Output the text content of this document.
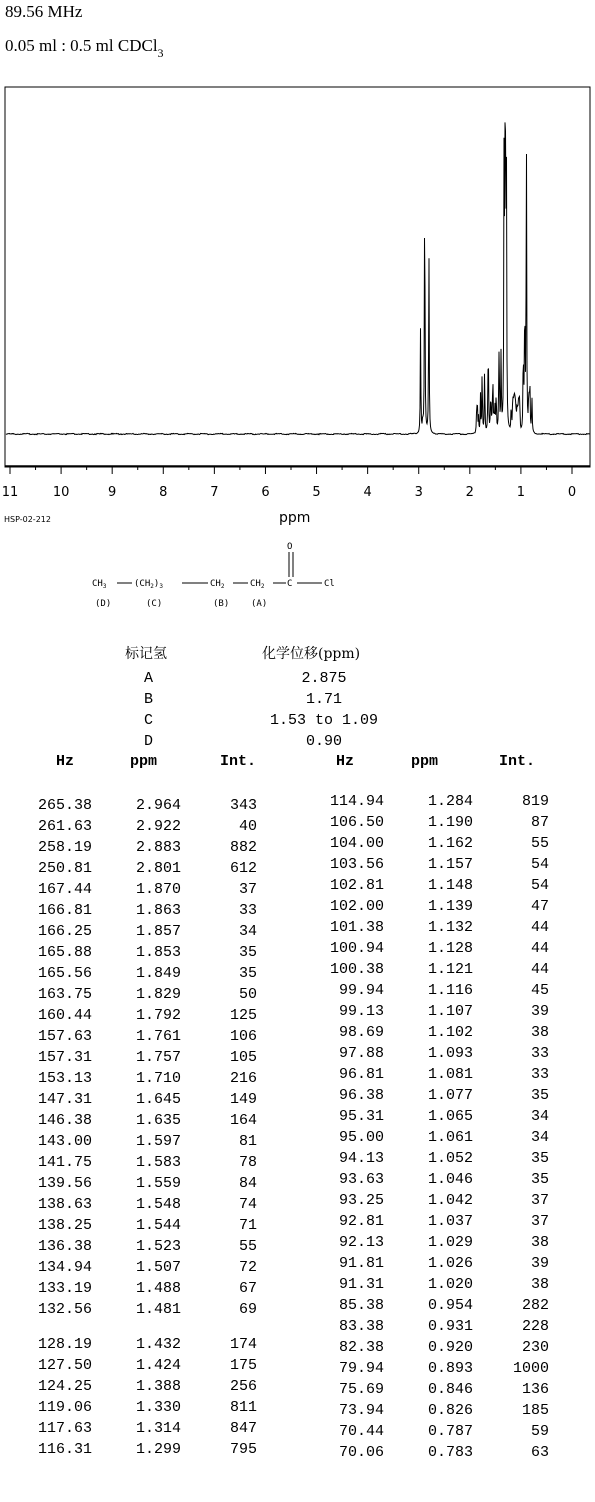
89.56 MHz
0.05 ml : 0.5 ml CDCl$_3$
11	10	9	8	7	6	5	4	3	2	1	0
HSP-02-212	ppm
$CH_3$	$(CH_2)_3$	$CH_2$	$CH_2$	C
O
Cl
(D)	(C)	(B) (A)
标记氢	化学位移(ppm)
A	2.875
B	1.71
C	1.53 to 1.09
D	0.90
Hz	ppm	Int.	Hz	ppm	Int.
265.38	2.964	343
261.63	2.922	40
258.19	2.883	882
250.81	2.801	612
167.44	1.870	37
166.81	1.863	33
166.25	1.857	34
165.88	1.853	35
165.56	1.849	35
163.75	1.829	50
160.44	1.792	125
157.63	1.761	106
157.31	1.757	105
153.13	1.710	216
147.31	1.645	149
146.38	1.635	164
143.00	1.597	81
141.75	1.583	78
139.56	1.559	84
138.63	1.548	74
138.25	1.544	71
136.38	1.523	55
134.94	1.507	72
133.19	1.488	67
132.56	1.481	69
128.19	1.432	174
127.50	1.424	175
124.25	1.388	256
119.06	1.330	811
117.63	1.314	847
116.31	1.299	795
114.94	1.284	819
106.50	1.190	87
104.00	1.162	55
103.56	1.157	54
102.81	1.148	54
102.00	1.139	47
101.38	1.132	44
100.94	1.128	44
100.38	1.121	44
99.94	1.116	45
99.13	1.107	39
98.69	1.102	38
97.88	1.093	33
96.81	1.081	33
96.38	1.077	35
95.31	1.065	34
95.00	1.061	34
94.13	1.052	35
93.63	1.046	35
93.25	1.042	37
92.81	1.037	37
92.13	1.029	38
91.81	1.026	39
91.31	1.020	38
85.38	0.954	282
83.38	0.931	228
82.38	0.920	230
79.94	0.893	1000
75.69	0.846	136
73.94	0.826	185
70.44	0.787	59
70.06	0.783	63
